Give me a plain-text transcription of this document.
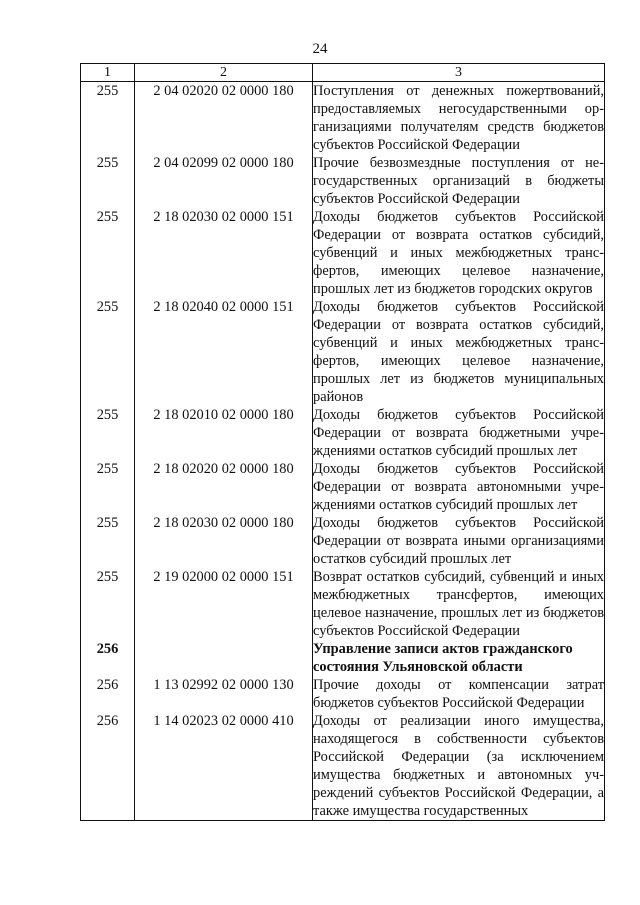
24
1	2	3
255	2 04 02020 02 0000 180	Поступления от денежных пожертвований, предоставляемых негосударственными организациями получателям средств бюджетов субъектов Российской Федерации
255	2 04 02099 02 0000 180	Прочие безвозмездные поступления от негосударственных организаций в бюджеты субъектов Российской Федерации
255	2 18 02030 02 0000 151	Доходы бюджетов субъектов Российской Федерации от возврата остатков субсидий, субвенций и иных межбюджетных трансфертов, имеющих целевое назначение, прошлых лет из бюджетов городских округов
255	2 18 02040 02 0000 151	Доходы бюджетов субъектов Российской Федерации от возврата остатков субсидий, субвенций и иных межбюджетных трансфертов, имеющих целевое назначение, прошлых лет из бюджетов муниципальных районов
255	2 18 02010 02 0000 180	Доходы бюджетов субъектов Российской Федерации от возврата бюджетными учреждениями остатков субсидий прошлых лет
255	2 18 02020 02 0000 180	Доходы бюджетов субъектов Российской Федерации от возврата автономными учреждениями остатков субсидий прошлых лет
255	2 18 02030 02 0000 180	Доходы бюджетов субъектов Российской Федерации от возврата иными организациями остатков субсидий прошлых лет
255	2 19 02000 02 0000 151	Возврат остатков субсидий, субвенций и иных межбюджетных трансфертов, имеющих целевое назначение, прошлых лет из бюджетов субъектов Российской Федерации
256		Управление записи актов гражданского состояния Ульяновской области
256	1 13 02992 02 0000 130	Прочие доходы от компенсации затрат бюджетов субъектов Российской Федерации
256	1 14 02023 02 0000 410	Доходы от реализации иного имущества, находящегося в собственности субъектов Российской Федерации (за исключением имущества бюджетных и автономных учреждений субъектов Российской Федерации, а также имущества государственных
